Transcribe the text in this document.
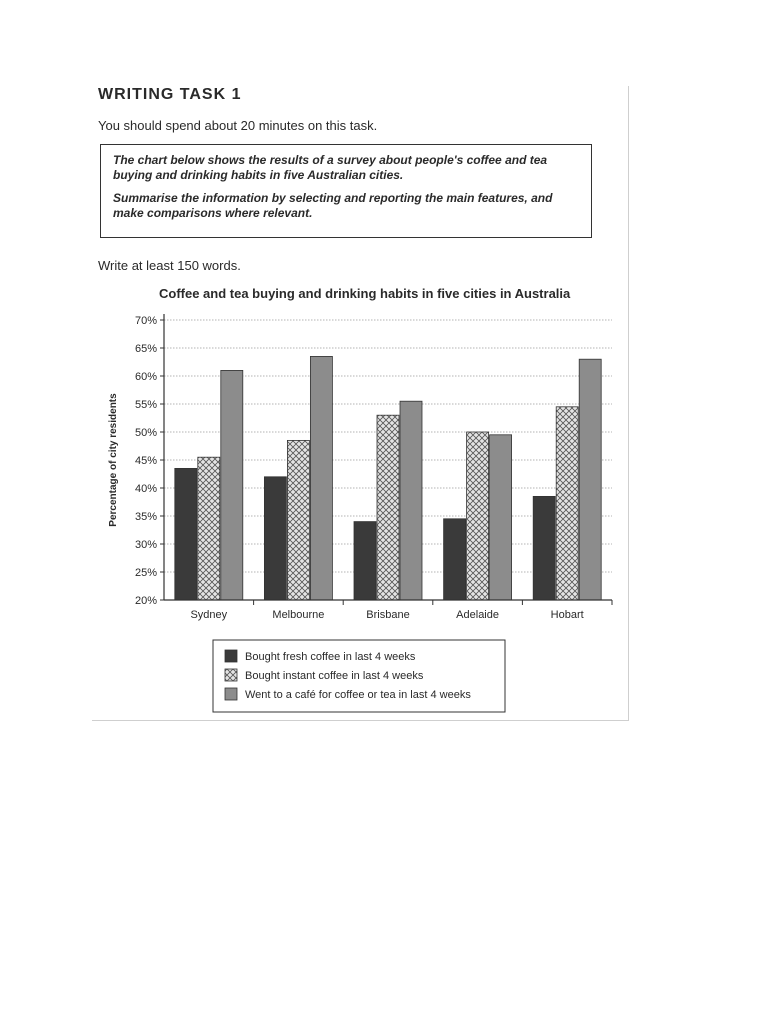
WRITING TASK 1
You should spend about 20 minutes on this task.

The chart below shows the results of a survey about people's coffee and tea buying and drinking habits in five Australian cities.

Summarise the information by selecting and reporting the main features, and make comparisons where relevant.

Write at least 150 words.
Coffee and tea buying and drinking habits in five cities in Australia
Percentage of city residents
20%
25%
30%
35%
40%
45%
50%
55%
60%
65%
70%
Sydney	Melbourne	Brisbane	Adelaide	Hobart
Bought fresh coffee in last 4 weeks
Bought instant coffee in last 4 weeks
Went to a café for coffee or tea in last 4 weeks
